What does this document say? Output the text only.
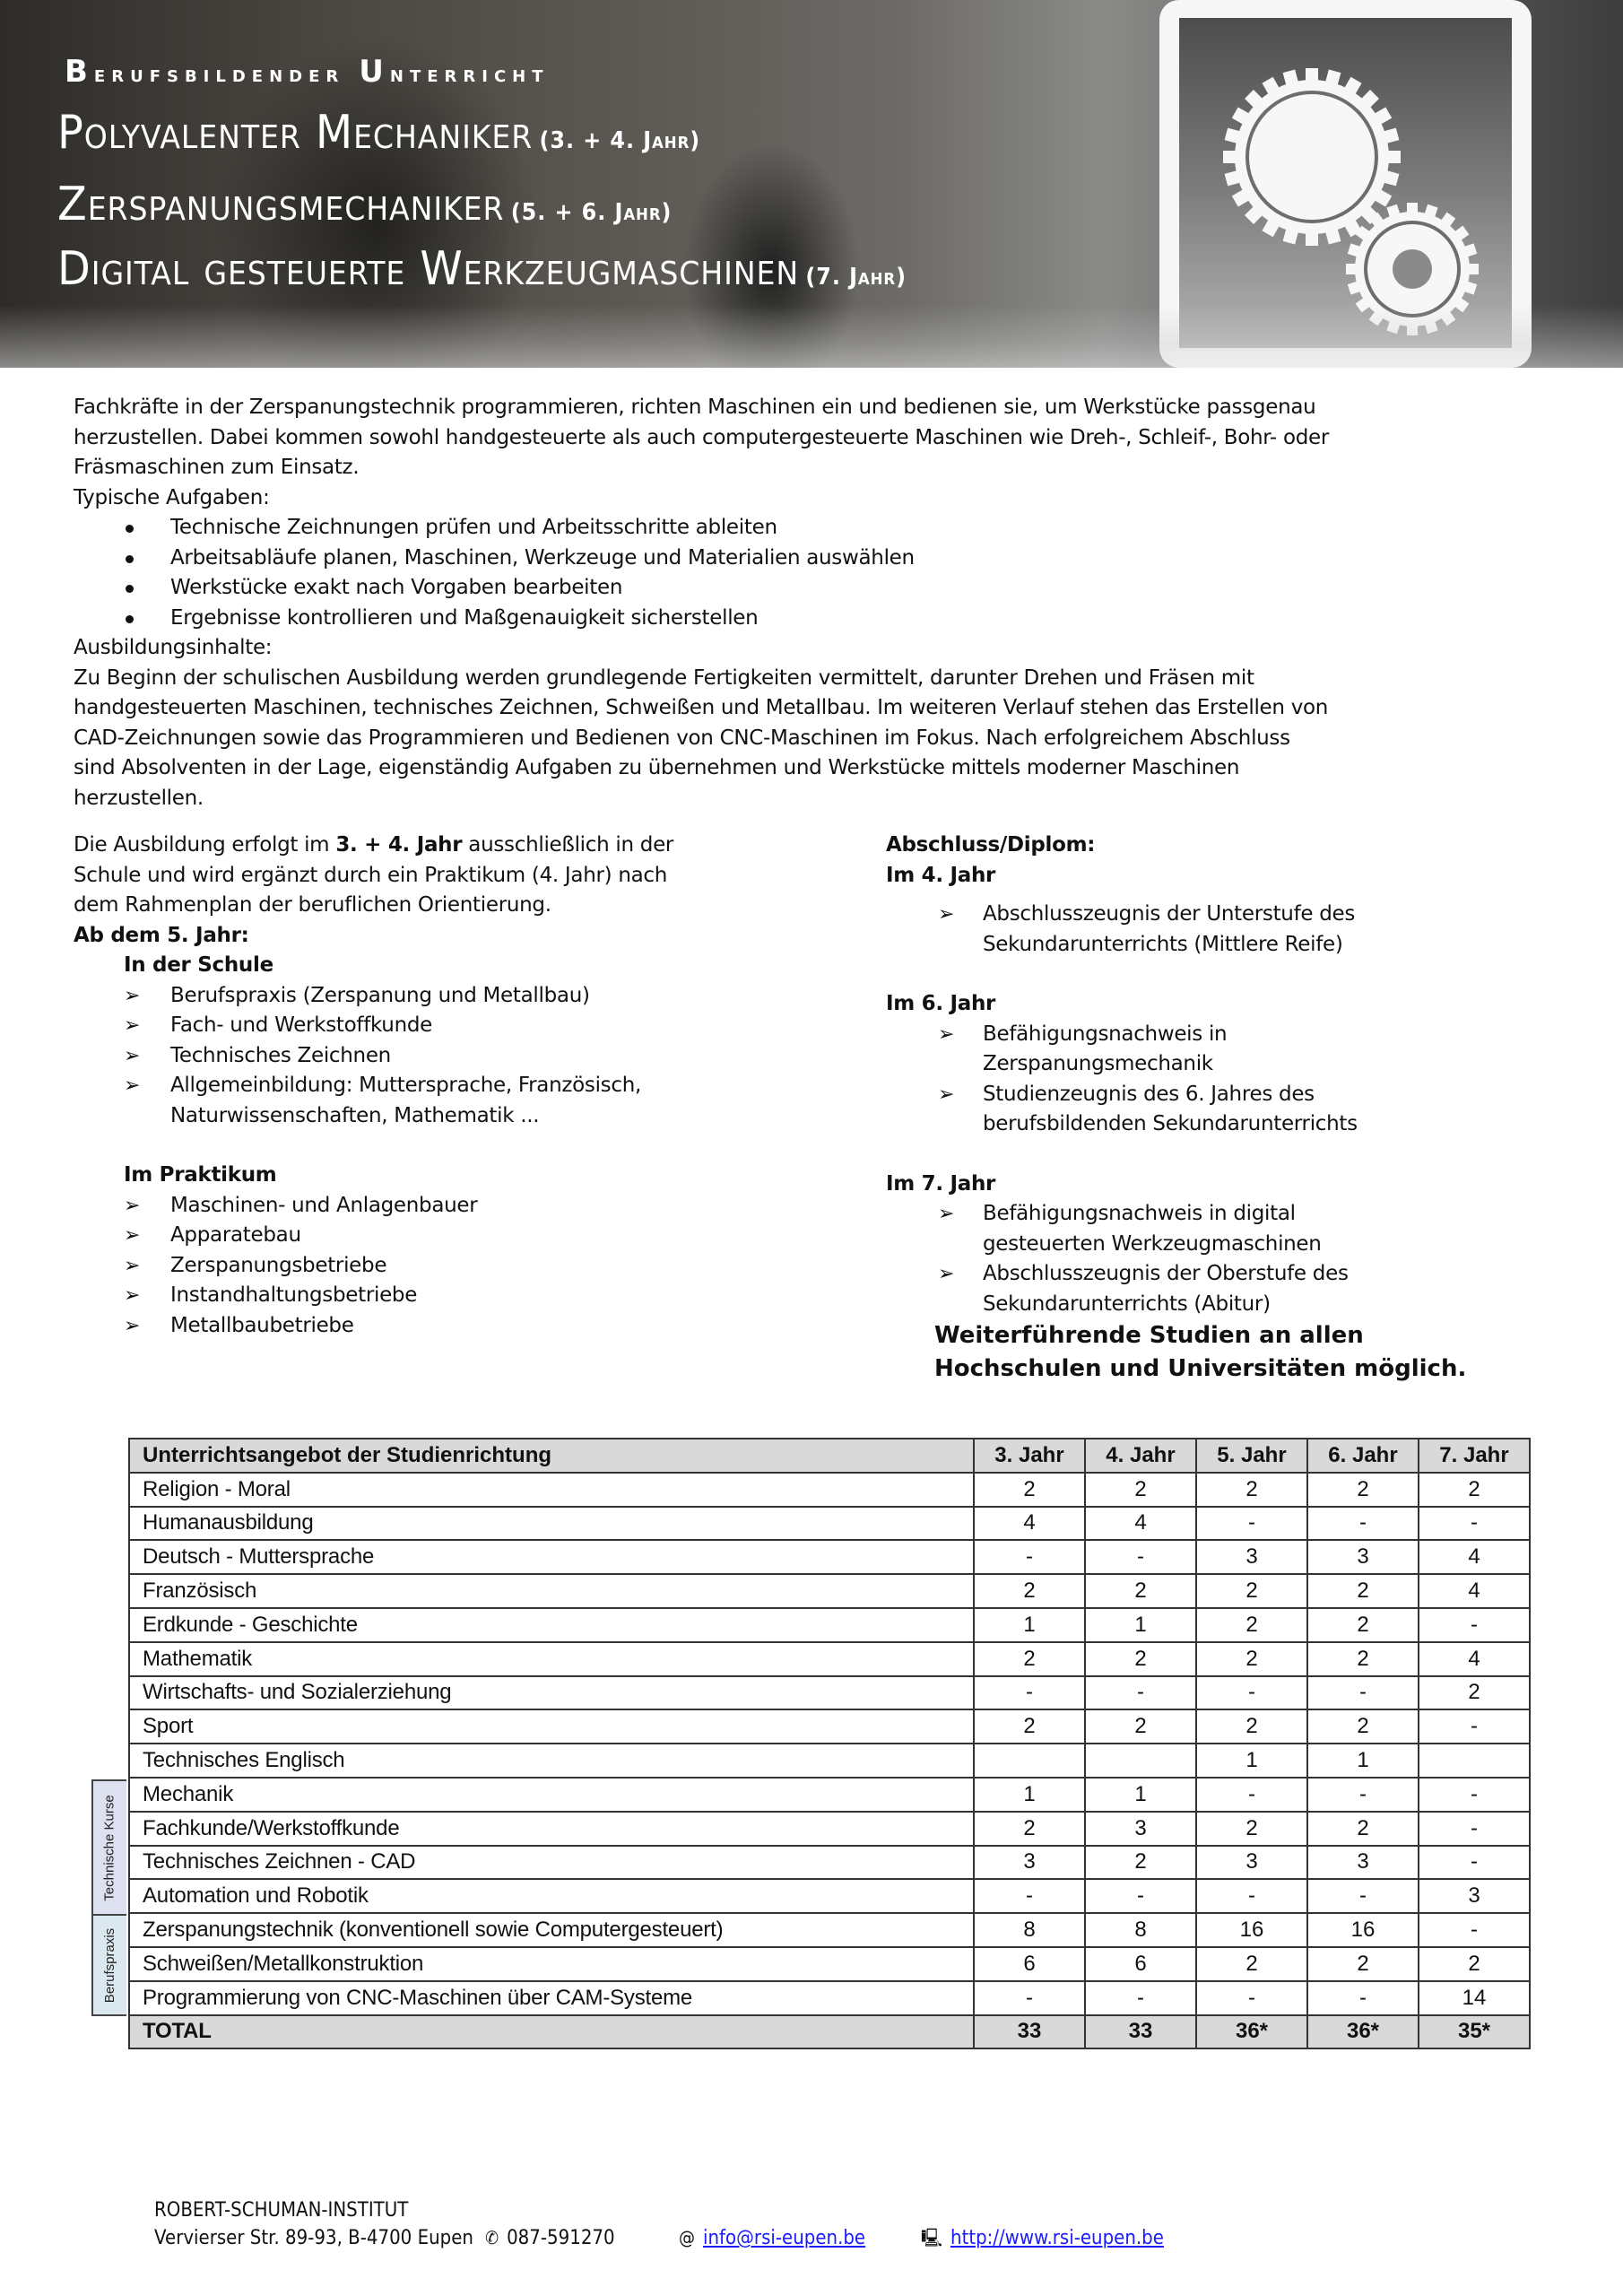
Berufsbildender Unterricht
Polyvalenter Mechaniker (3. + 4. Jahr)
Zerspanungsmechaniker (5. + 6. Jahr)
Digital gesteuerte Werkzeugmaschinen (7. Jahr)
Fachkräfte in der Zerspanungstechnik programmieren, richten Maschinen ein und bedienen sie, um Werkstücke passgenau
herzustellen. Dabei kommen sowohl handgesteuerte als auch computergesteuerte Maschinen wie Dreh-, Schleif-, Bohr- oder
Fräsmaschinen zum Einsatz.
Typische Aufgaben:
Technische Zeichnungen prüfen und Arbeitsschritte ableiten
Arbeitsabläufe planen, Maschinen, Werkzeuge und Materialien auswählen
Werkstücke exakt nach Vorgaben bearbeiten
Ergebnisse kontrollieren und Maßgenauigkeit sicherstellen
Ausbildungsinhalte:
Zu Beginn der schulischen Ausbildung werden grundlegende Fertigkeiten vermittelt, darunter Drehen und Fräsen mit
handgesteuerten Maschinen, technisches Zeichnen, Schweißen und Metallbau. Im weiteren Verlauf stehen das Erstellen von
CAD-Zeichnungen sowie das Programmieren und Bedienen von CNC-Maschinen im Fokus. Nach erfolgreichem Abschluss
sind Absolventen in der Lage, eigenständig Aufgaben zu übernehmen und Werkstücke mittels moderner Maschinen
herzustellen.
Die Ausbildung erfolgt im 3. + 4. Jahr ausschließlich in der
Schule und wird ergänzt durch ein Praktikum (4. Jahr) nach
dem Rahmenplan der beruflichen Orientierung.
Ab dem 5. Jahr:
In der Schule
➢ Berufspraxis (Zerspanung und Metallbau)
➢ Fach- und Werkstoffkunde
➢ Technisches Zeichnen
➢ Allgemeinbildung: Muttersprache, Französisch, Naturwissenschaften, Mathematik ...
Im Praktikum
➢ Maschinen- und Anlagenbauer
➢ Apparatebau
➢ Zerspanungsbetriebe
➢ Instandhaltungsbetriebe
➢ Metallbaubetriebe
Abschluss/Diplom:
Im 4. Jahr
➢ Abschlusszeugnis der Unterstufe des Sekundarunterrichts (Mittlere Reife)
Im 6. Jahr
➢ Befähigungsnachweis in Zerspanungsmechanik
➢ Studienzeugnis des 6. Jahres des berufsbildenden Sekundarunterrichts
Im 7. Jahr
➢ Befähigungsnachweis in digital gesteuerten Werkzeugmaschinen
➢ Abschlusszeugnis der Oberstufe des Sekundarunterrichts (Abitur)
Weiterführende Studien an allen
Hochschulen und Universitäten möglich.
Technische Kurse
Berufspraxis
Unterrichtsangebot der Studienrichtung	3. Jahr	4. Jahr	5. Jahr	6. Jahr	7. Jahr
Religion - Moral	2	2	2	2	2
Humanausbildung	4	4	-	-	-
Deutsch - Muttersprache	-	-	3	3	4
Französisch	2	2	2	2	4
Erdkunde - Geschichte	1	1	2	2	-
Mathematik	2	2	2	2	4
Wirtschafts- und Sozialerziehung	-	-	-	-	2
Sport	2	2	2	2	-
Technisches Englisch			1	1	
Mechanik	1	1	-	-	-
Fachkunde/Werkstoffkunde	2	3	2	2	-
Technisches Zeichnen - CAD	3	2	3	3	-
Automation und Robotik	-	-	-	-	3
Zerspanungstechnik (konventionell sowie Computergesteuert)	8	8	16	16	-
Schweißen/Metallkonstruktion	6	6	2	2	2
Programmierung von CNC-Maschinen über CAM-Systeme	-	-	-	-	14
TOTAL	33	33	36*	36*	35*
ROBERT-SCHUMAN-INSTITUT
Vervierser Str. 89-93, B-4700 Eupen ✆ 087-591270	@ info@rsi-eupen.be	🖳 http://www.rsi-eupen.be
